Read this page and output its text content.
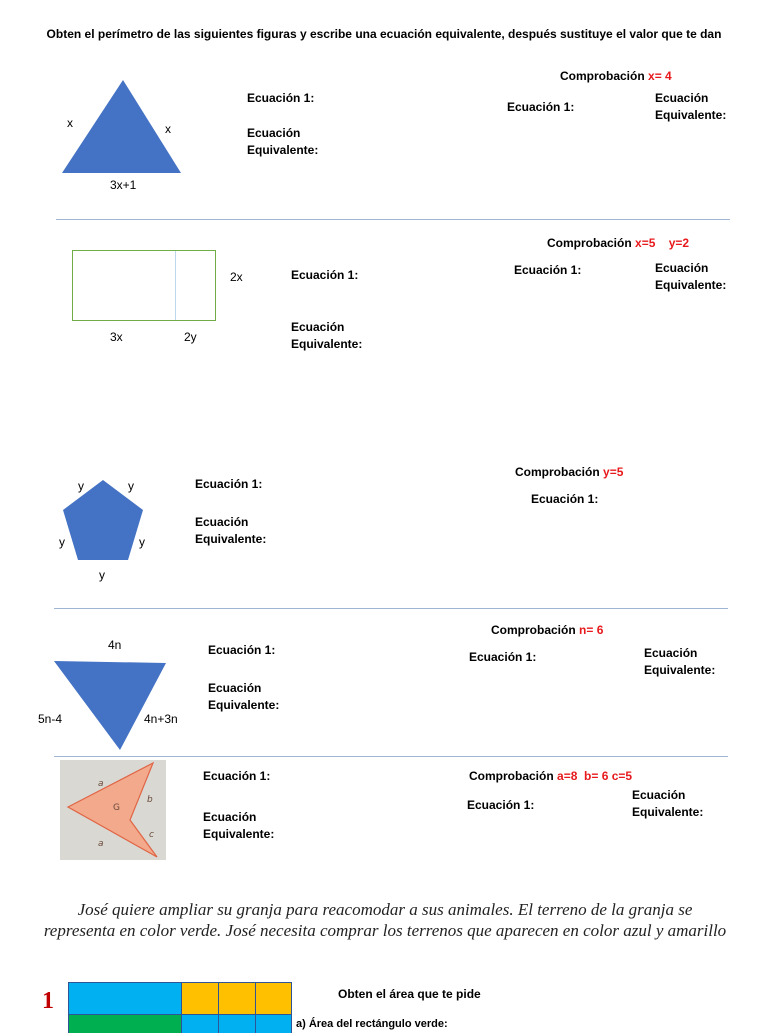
Obten el perímetro de las siguientes figuras y escribe una ecuación equivalente, después sustituye el valor que te dan
x	x
3x+1
Ecuación 1:
Ecuación
Equivalente:
Comprobación x= 4
Ecuación 1:
Ecuación
Equivalente:
2x
3x	2y
Ecuación 1:
Ecuación
Equivalente:
Comprobación x=5 y=2
Ecuación 1:	Ecuación
Equivalente:
y	y
y	y
y
Ecuación 1:
Ecuación
Equivalente:
Comprobación y=5
Ecuación 1:
4n
5n-4	4n+3n
Ecuación 1:
Ecuación
Equivalente:
Comprobación n= 6
Ecuación 1:	Ecuación
Equivalente:
a
b
G
c
a
Ecuación 1:
Ecuación
Equivalente:
Comprobación a=8 b= 6 c=5
Ecuación 1:
Ecuación
Equivalente:
José quiere ampliar su granja para reacomodar a sus animales. El terreno de la granja se representa en color verde. José necesita comprar los terrenos que aparecen en color azul y amarillo
1	Obten el área que te pide
a) Área del rectángulo verde:
